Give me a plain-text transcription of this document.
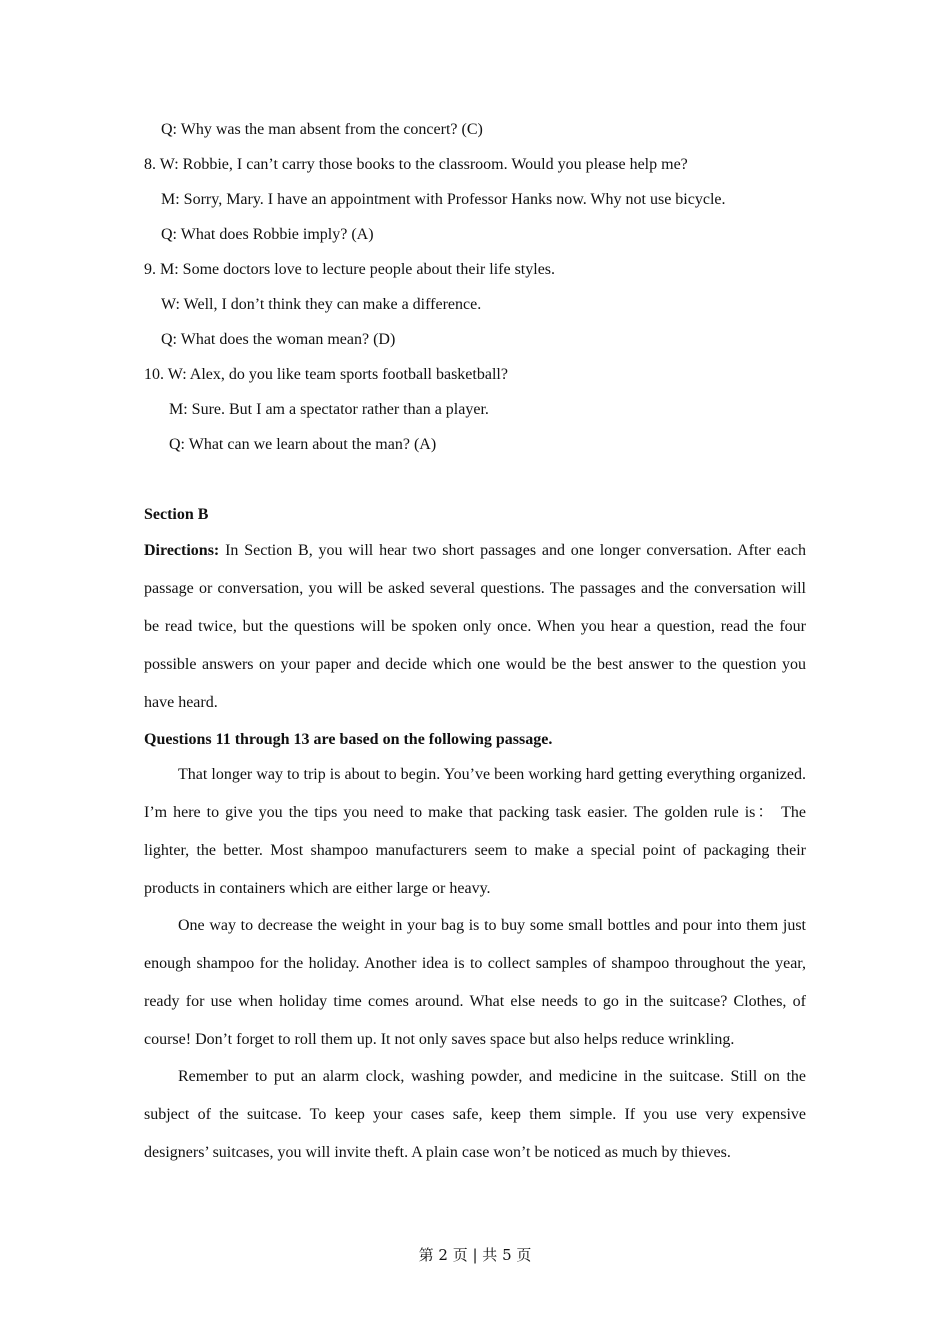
Q: Why was the man absent from the concert? (C)
8. W: Robbie, I can’t carry those books to the classroom. Would you please help me?
M: Sorry, Mary. I have an appointment with Professor Hanks now. Why not use bicycle.
Q: What does Robbie imply? (A)
9. M: Some doctors love to lecture people about their life styles.
W: Well, I don’t think they can make a difference.
Q: What does the woman mean? (D)
10. W: Alex, do you like team sports football basketball?
M: Sure. But I am a spectator rather than a player.
Q: What can we learn about the man? (A)
Section B
Directions: In Section B, you will hear two short passages and one longer conversation. After each passage or conversation, you will be asked several questions. The passages and the conversation will be read twice, but the questions will be spoken only once. When you hear a question, read the four possible answers on your paper and decide which one would be the best answer to the question you have heard.
Questions 11 through 13 are based on the following passage.
That longer way to trip is about to begin. You’ve been working hard getting everything organized. I’m here to give you the tips you need to make that packing task easier. The golden rule is： The lighter, the better. Most shampoo manufacturers seem to make a special point of packaging their products in containers which are either large or heavy.
One way to decrease the weight in your bag is to buy some small bottles and pour into them just enough shampoo for the holiday. Another idea is to collect samples of shampoo throughout the year, ready for use when holiday time comes around. What else needs to go in the suitcase? Clothes, of course! Don’t forget to roll them up. It not only saves space but also helps reduce wrinkling.
Remember to put an alarm clock, washing powder, and medicine in the suitcase. Still on the subject of the suitcase. To keep your cases safe, keep them simple. If you use very expensive designers’ suitcases, you will invite theft. A plain case won’t be noticed as much by thieves.
第 2 页 | 共 5 页
